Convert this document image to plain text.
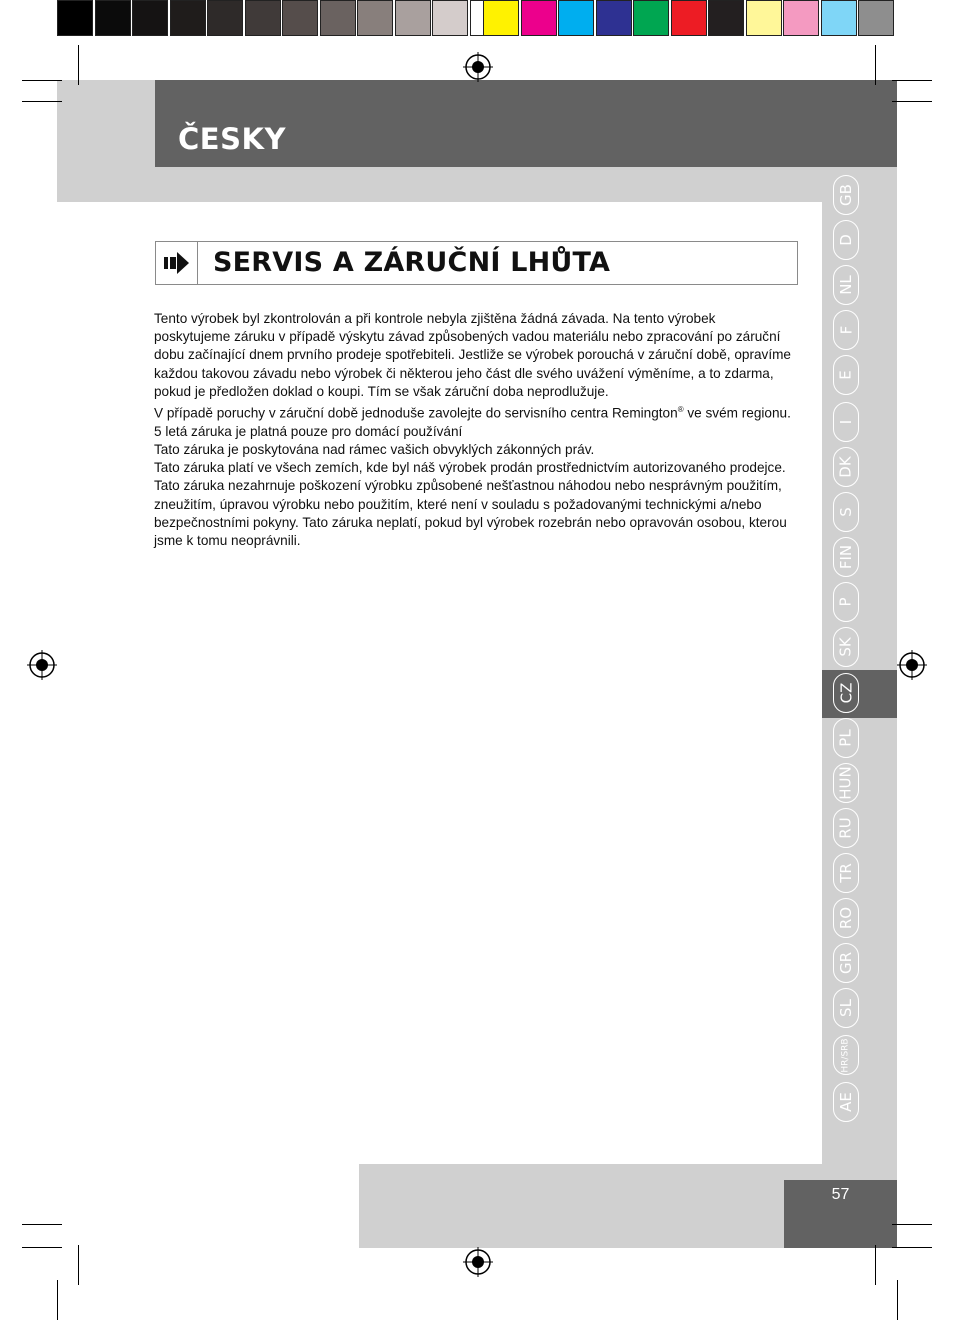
ČESKY
GB
D
NL
F
E
I
DK
S
FIN
P
SK
CZ
PL
HUN
RU
TR
RO
GR
SL
HR/SRB
AE
57
SERVIS A ZÁRUČNÍ LHŮTA

Tento výrobek byl zkontrolován a při kontrole nebyla zjištěna žádná závada. Na tento výrobek poskytujeme záruku v případě výskytu závad způsobených vadou materiálu nebo zpracování po záruční dobu začínající dnem prvního prodeje spotřebiteli. Jestliže se výrobek porouchá v záruční době, opravíme každou takovou závadu nebo výrobek či některou jeho část dle svého uvážení výměníme, a to zdarma, pokud je předložen doklad o koupi. Tím se však záruční doba neprodlužuje.

V případě poruchy v záruční době jednoduše zavolejte do servisního centra Remington® ve svém regionu.

5 letá záruka je platná pouze pro domácí používání

Tato záruka je poskytována nad rámec vašich obvyklých zákonných práv.

Tato záruka platí ve všech zemích, kde byl náš výrobek prodán prostřednictvím autorizovaného prodejce.

Tato záruka nezahrnuje poškození výrobku způsobené nešťastnou náhodou nebo nesprávným použitím, zneužitím, úpravou výrobku nebo použitím, které není v souladu s požadovanými technickými a/nebo bezpečnostními pokyny. Tato záruka neplatí, pokud byl výrobek rozebrán nebo opravován osobou, kterou jsme k tomu neoprávnili.
